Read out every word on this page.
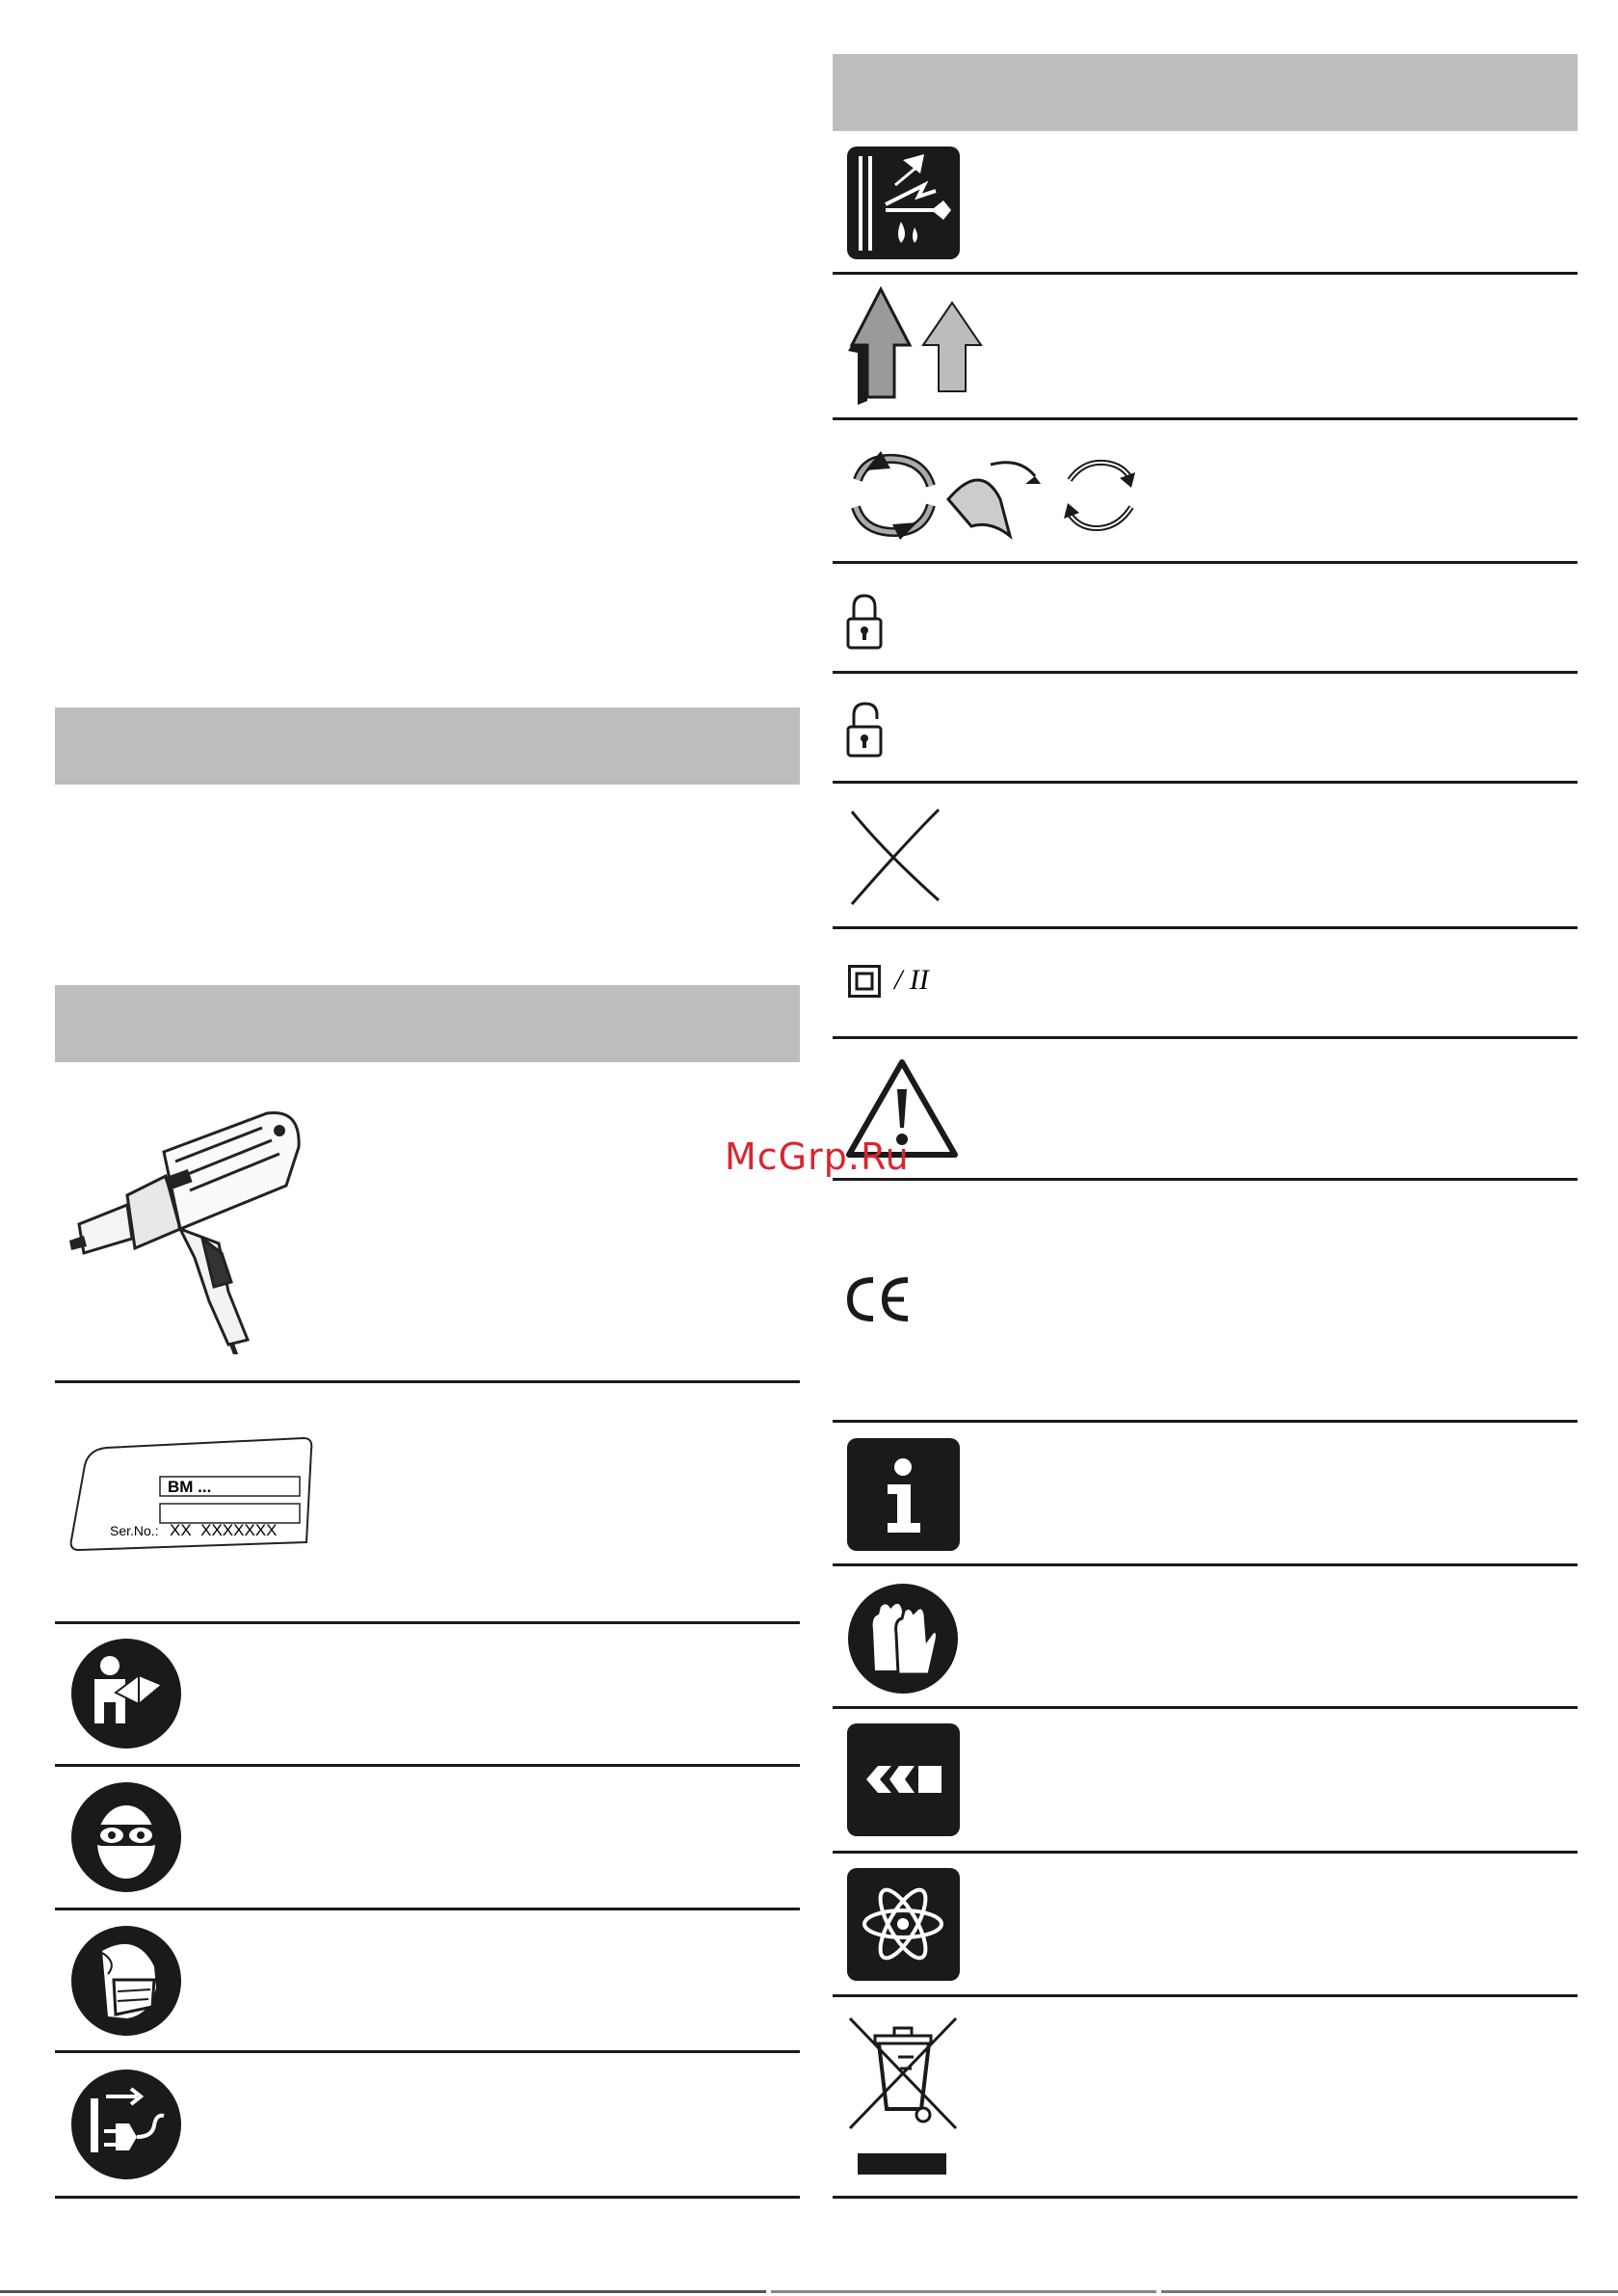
BM ...
Ser.No.: XX  XXXXXXX
/ II
McGrp.Ru
